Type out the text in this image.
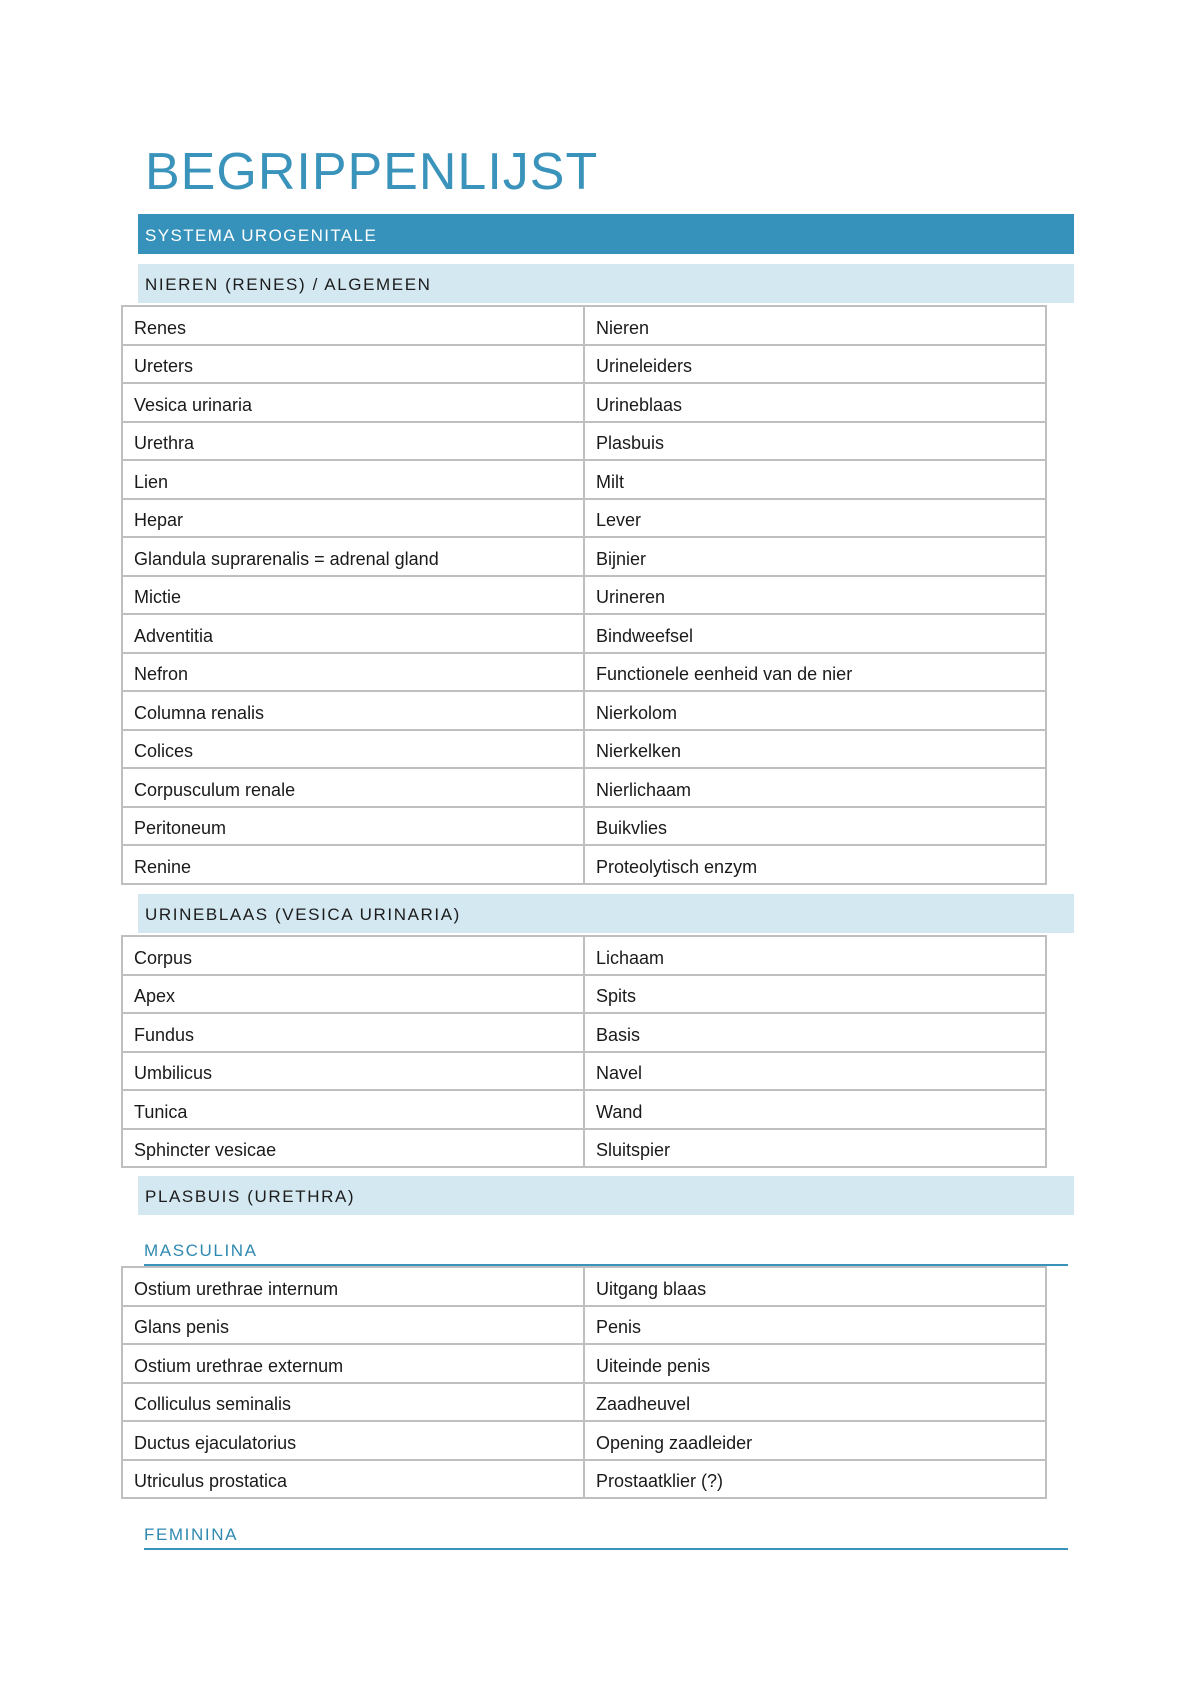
BEGRIPPENLIJST
SYSTEMA UROGENITALE
NIEREN (RENES) / ALGEMEEN
Renes	Nieren
Ureters	Urineleiders
Vesica urinaria	Urineblaas
Urethra	Plasbuis
Lien	Milt
Hepar	Lever
Glandula suprarenalis = adrenal gland	Bijnier
Mictie	Urineren
Adventitia	Bindweefsel
Nefron	Functionele eenheid van de nier
Columna renalis	Nierkolom
Colices	Nierkelken
Corpusculum renale	Nierlichaam
Peritoneum	Buikvlies
Renine	Proteolytisch enzym
URINEBLAAS (VESICA URINARIA)
Corpus	Lichaam
Apex	Spits
Fundus	Basis
Umbilicus	Navel
Tunica	Wand
Sphincter vesicae	Sluitspier
PLASBUIS (URETHRA)
MASCULINA
Ostium urethrae internum	Uitgang blaas
Glans penis	Penis
Ostium urethrae externum	Uiteinde penis
Colliculus seminalis	Zaadheuvel
Ductus ejaculatorius	Opening zaadleider
Utriculus prostatica	Prostaatklier (?)
FEMININA
